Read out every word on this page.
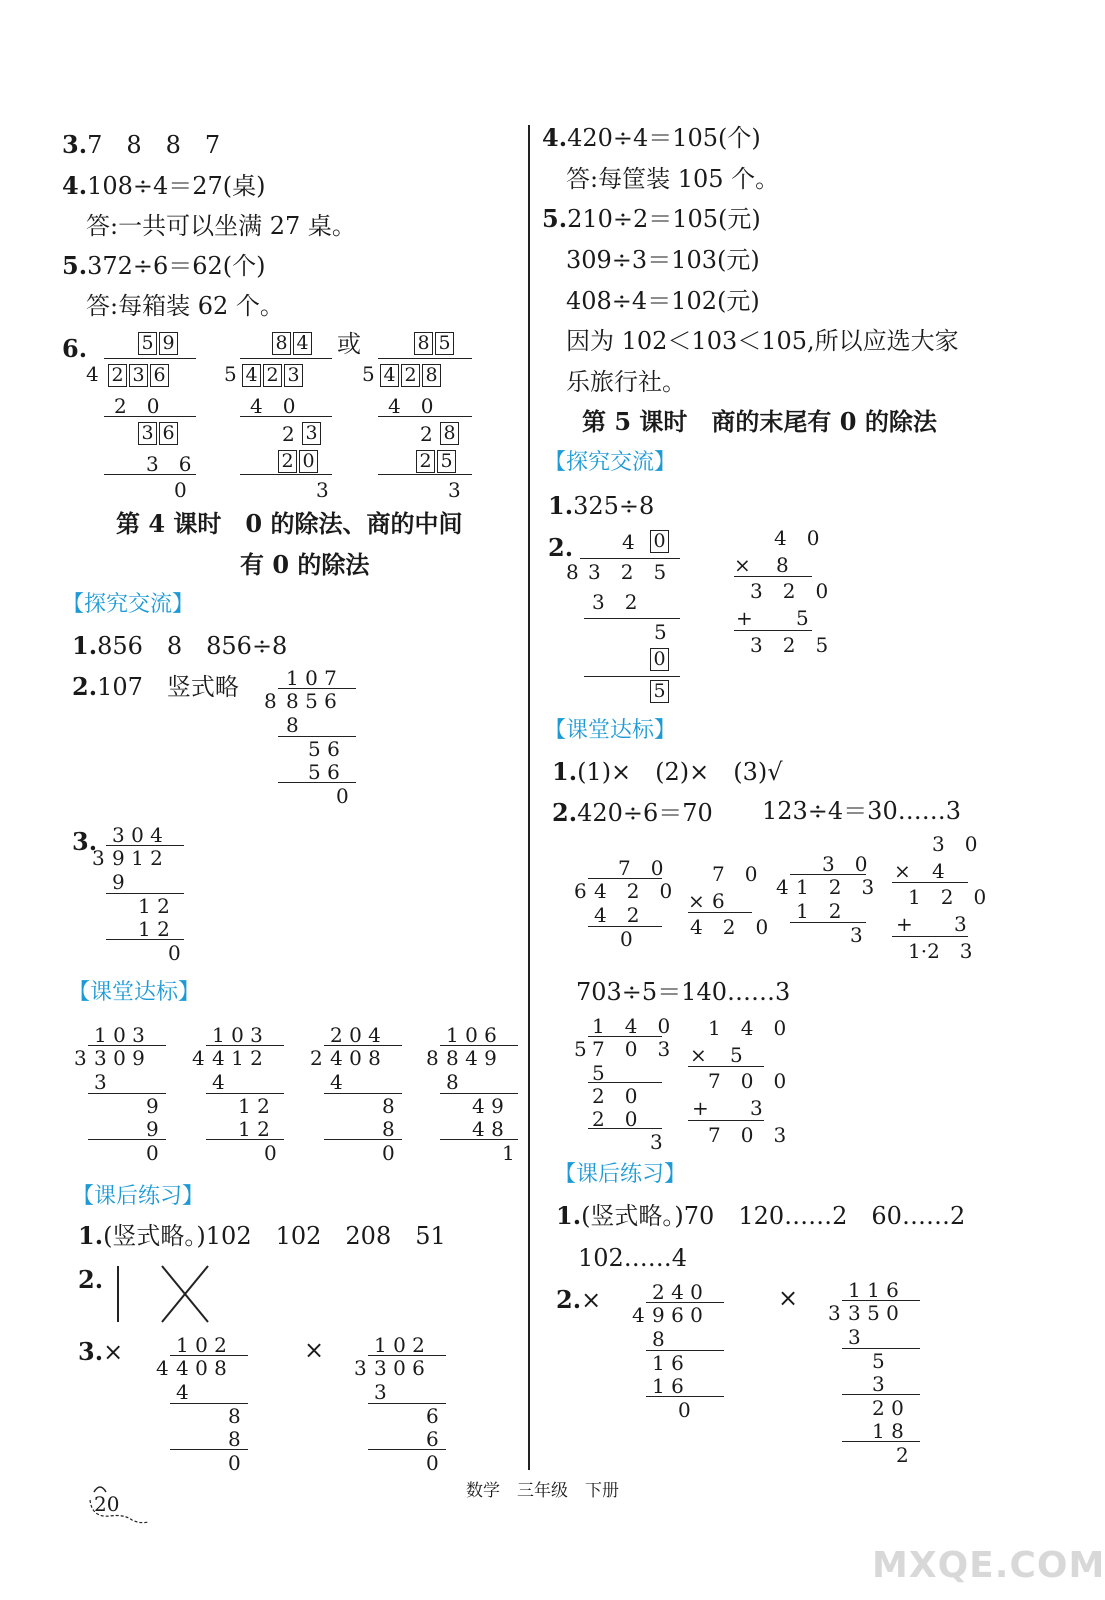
3.7　8　8　7
4.108÷4＝27(桌)
答:一共可以坐满 27 桌。
5.372÷6＝62(个)
答:每箱装 62 个。
6.	或
5 9
4 2 3 6
2　0
3 6
3　6
0
8 4
5 4 2 3
4　0
2 3
2 0
3
8 5
5 4 2 8
4　0
2 8
2 5
3
第 4 课时　0 的除法、商的中间
有 0 的除法
【探究交流】
1.856　8　856÷8
2.107　竖式略 1 0 7
8 8 5 6
8
5 6
5 6
0
3. 3 0 4
3 9 1 2
9
1 2
1 2
0
【课堂达标】
1 0 3
3 3 0 9
3
9
9
0
1 0 3
4 4 1 2
4
1 2
1 2
0
2 0 4
2 4 0 8
4
8
8
0
1 0 6
8 8 4 9
8
4 9
4 8
1
【课后练习】
1.(竖式略。)102　102　208　51
2.
3.×	1 0 2
4 4 0 8
4
8
8
0
× 1 0 2
3 3 0 6
3
6
6
0
4.420÷4＝105(个)
答:每筐装 105 个。
5.210÷2＝105(元)
309÷3＝103(元)
408÷4＝102(元)
因为 102＜103＜105,所以应选大家
乐旅行社。
第 5 课时　商的末尾有 0 的除法
【探究交流】
1.325÷8
2. 4 0
8 3　2　5
3　2
5
0
5
4　0
× 8
3　2　0
+ 5
3　2　5
【课堂达标】
1.(1)×　(2)×　(3)√
2.420÷6＝70 123÷4＝30……3
7　0
6 4　2　0
4　2
0
7　0
× 6
4　2　0
3　0
4 1　2　3
1　2
3
3　0
× 4
1　2　0
+ 3
1·2　3
703÷5＝140……3
1　4　0
5 7　0　3
5
2　0
2　0
3
1　4　0
× 5
7　0　0
+ 3
7　0　3
【课后练习】
1.(竖式略。)70　120……2　60……2
102……4
2.×	2 4 0
4 9 6 0
8
1 6
1 6
0
× 1 1 6
3 3 5 0
3
5
3
2 0
1 8
2
20
数学　三年级　下册
MXQE.COM
